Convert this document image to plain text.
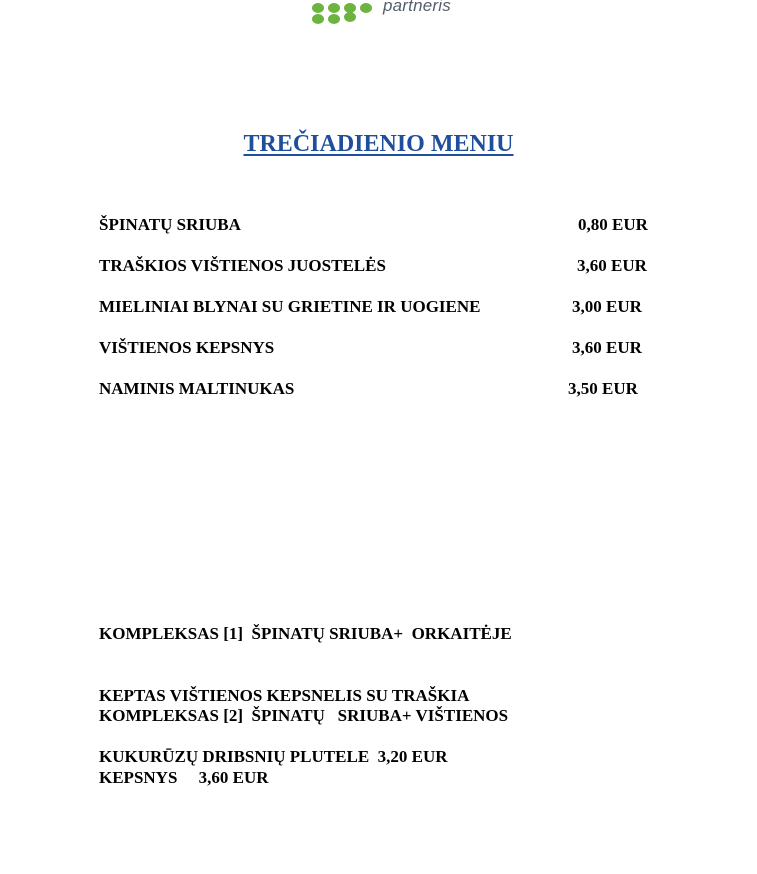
partneris
TREČIADIENIO MENIU
ŠPINATŲ SRIUBA	0,80 EUR
TRAŠKIOS VIŠTIENOS JUOSTELĖS	3,60 EUR
MIELINIAI BLYNAI SU GRIETINE IR UOGIENE	3,00 EUR
VIŠTIENOS KEPSNYS	3,60 EUR
NAMINIS MALTINUKAS	3,50 EUR

KOMPLEKSAS [1]  ŠPINATŲ SRIUBA+  ORKAITĖJE

KEPTAS VIŠTIENOS KEPSNELIS SU TRAŠKIA

KUKURŪZŲ DRIBSNIŲ PLUTELE  3,20 EUR

KOMPLEKSAS [2]  ŠPINATŲ   SRIUBA+ VIŠTIENOS

KEPSNYS     3,60 EUR
